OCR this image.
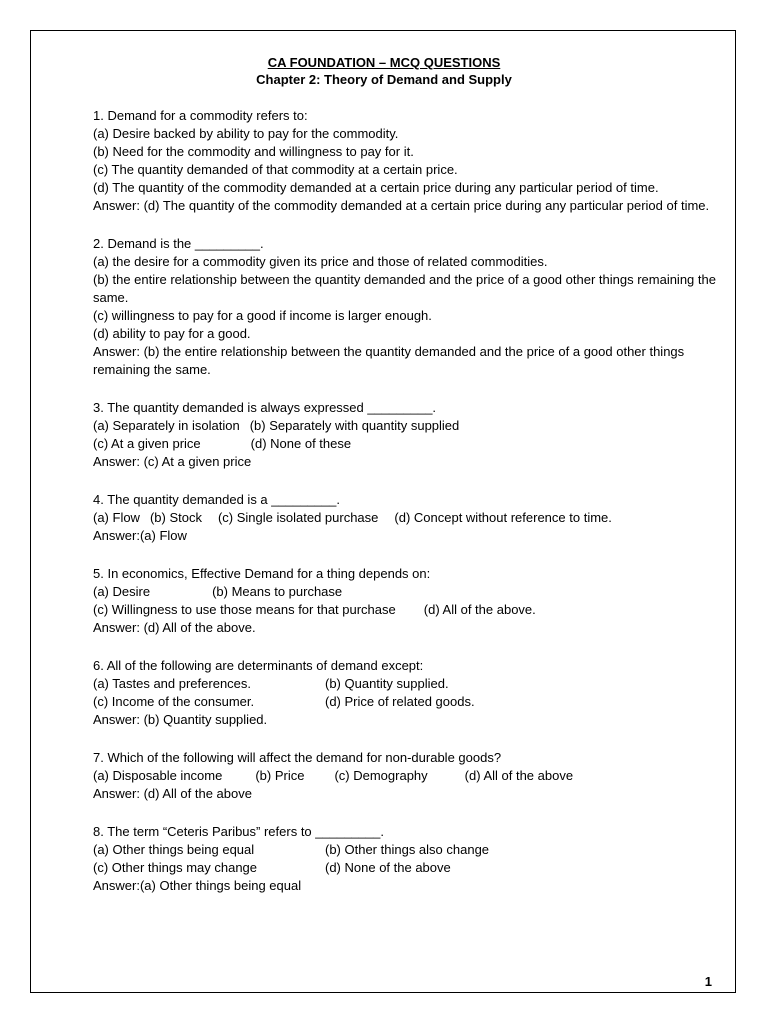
CA FOUNDATION – MCQ QUESTIONS
Chapter 2: Theory of Demand and Supply
1. Demand for a commodity refers to:
(a) Desire backed by ability to pay for the commodity.
(b) Need for the commodity and willingness to pay for it.
(c) The quantity demanded of that commodity at a certain price.
(d) The quantity of the commodity demanded at a certain price during any particular period of time.
Answer: (d) The quantity of the commodity demanded at a certain price during any particular period of time.
2. Demand is the _________.
(a) the desire for a commodity given its price and those of related commodities.
(b) the entire relationship between the quantity demanded and the price of a good other things remaining the same.
(c) willingness to pay for a good if income is larger enough.
(d) ability to pay for a good.
Answer: (b) the entire relationship between the quantity demanded and the price of a good other things remaining the same.
3. The quantity demanded is always expressed _________.
(a) Separately in isolation (b) Separately with quantity supplied
(c) At a given price	(d) None of these
Answer: (c) At a given price
4. The quantity demanded is a _________.
(a) Flow (b) Stock (c) Single isolated purchase (d) Concept without reference to time.
Answer:(a) Flow
5. In economics, Effective Demand for a thing depends on:
(a) Desire	(b) Means to purchase
(c) Willingness to use those means for that purchase (d) All of the above.
Answer: (d) All of the above.
6. All of the following are determinants of demand except:
(a) Tastes and preferences.	(b) Quantity supplied.
(c) Income of the consumer.	(d) Price of related goods.
Answer: (b) Quantity supplied.
7. Which of the following will affect the demand for non-durable goods?
(a) Disposable income	(b) Price (c) Demography	(d) All of the above
Answer: (d) All of the above
8. The term “Ceteris Paribus” refers to _________.
(a) Other things being equal	(b) Other things also change
(c) Other things may change	(d) None of the above
Answer:(a) Other things being equal
1
